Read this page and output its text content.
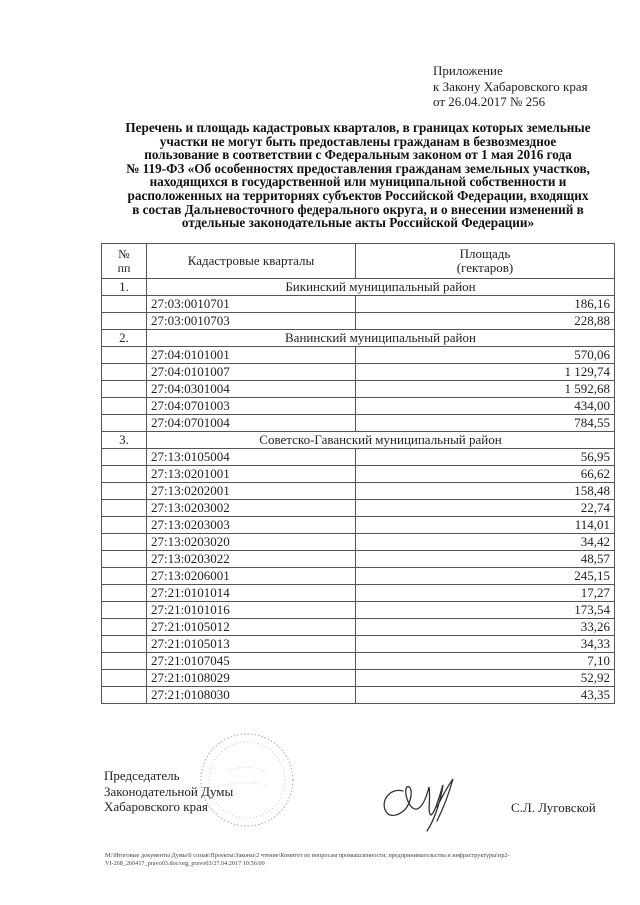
Приложение
к Закону Хабаровского края
от 26.04.2017 № 256
Перечень и площадь кадастровых кварталов, в границах которых земельные
участки не могут быть предоставлены гражданам в безвозмездное
пользование в соответствии с Федеральным законом от 1 мая 2016 года
№ 119-ФЗ «Об особенностях предоставления гражданам земельных участков,
находящихся в государственной или муниципальной собственности и
расположенных на территориях субъектов Российской Федерации, входящих
в состав Дальневосточного федерального округа, и о внесении изменений в
отдельные законодательные акты Российской Федерации»
№
пп	Кадастровые кварталы	Площадь
(гектаров)
1.	Бикинский муниципальный район	
	27:03:0010701	186,16
	27:03:0010703	228,88
2.	Ванинский муниципальный район	
	27:04:0101001	570,06
	27:04:0101007	1 129,74
	27:04:0301004	1 592,68
	27:04:0701003	434,00
	27:04:0701004	784,55
3.	Советско-Гаванский муниципальный район	
	27:13:0105004	56,95
	27:13:0201001	66,62
	27:13:0202001	158,48
	27:13:0203002	22,74
	27:13:0203003	114,01
	27:13:0203020	34,42
	27:13:0203022	48,57
	27:13:0206001	245,15
	27:21:0101014	17,27
	27:21:0101016	173,54
	27:21:0105012	33,26
	27:21:0105013	34,33
	27:21:0107045	7,10
	27:21:0108029	52,92
	27:21:0108030	43,35
Председатель
Законодательной Думы
Хабаровского края	С.Л. Луговской
M:\Итоговые документы Думы\6 созыв\Проекты\Законы\2 чтение\Комитет по вопросам промышленности, предпринимательства и инфраструктуры\пр2-
VI-268_260417_pravo03.doc/org_pravo03/27.04.2017 10:56:00
